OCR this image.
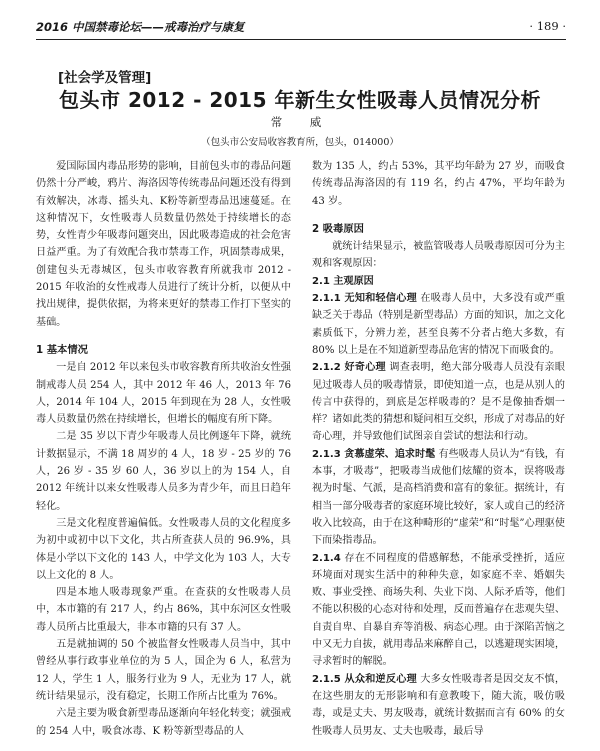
2016 中国禁毒论坛——戒毒治疗与康复	· 189 ·
[社会学及管理]
包头市 2012 - 2015 年新生女性吸毒人员情况分析
常　威
（包头市公安局收容教育所，包头，014000）

爱国际国内毒品形势的影响，目前包头市的毒品问题仍然十分严峻，鸦片、海洛因等传统毒品问题还没有得到有效解决，冰毒、摇头丸、K粉等新型毒品迅速蔓延。在这种情况下，女性吸毒人员数量仍然处于持续增长的态势，女性青少年吸毒问题突出，因此吸毒造成的社会危害日益严重。为了有效配合我市禁毒工作，巩固禁毒成果，创建包头无毒城区，包头市收容教育所就我市 2012 - 2015 年收治的女性戒毒人员进行了统计分析，以便从中找出规律，提供依据，为将来更好的禁毒工作打下坚实的基础。

1 基本情况

一是自 2012 年以来包头市收容教育所共收治女性强制戒毒人员 254 人，其中 2012 年 46 人，2013 年 76 人，2014 年 104 人，2015 年到现在为 28 人，女性吸毒人员数量仍然在持续增长，但增长的幅度有所下降。

二是 35 岁以下青少年吸毒人员比例逐年下降，就统计数据显示，不满 18 周岁的 4 人，18 岁 - 25 岁的 76 人，26 岁 - 35 岁 60 人，36 岁以上的为 154 人，自 2012 年统计以来女性吸毒人员多为青少年，而且日趋年轻化。

三是文化程度普遍偏低。女性吸毒人员的文化程度多为初中或初中以下文化，共占所查获人员的 96.9%，具体是小学以下文化的 143 人，中学文化为 103 人，大专以上文化的 8 人。

四是本地人吸毒现象严重。在查获的女性吸毒人员中，本市籍的有 217 人，约占 86%，其中东河区女性吸毒人员所占比重最大，非本市籍的只有 37 人。

五是就抽调的 50 个被监督女性吸毒人员当中，其中曾经从事行政事业单位的为 5 人，国企为 6 人，私营为 12 人，学生 1 人，服务行业为 9 人，无业为 17 人，就统计结果显示，没有稳定，长期工作所占比重为 76%。

六是主要为吸食新型毒品逐渐向年轻化转变；就强戒的 254 人中，吸食冰毒、K 粉等新型毒品的人

数为 135 人，约占 53%，其平均年龄为 27 岁，而吸食传统毒品海洛因的有 119 名，约占 47%，平均年龄为 43 岁。

2 吸毒原因

就统计结果显示，被监管吸毒人员吸毒原因可分为主观和客观原因：

2.1 主观原因

2.1.1 无知和轻信心理 在吸毒人员中，大多没有或严重缺乏关于毒品（特别是新型毒品）方面的知识，加之文化素质低下，分辨力差，甚至良莠不分者占绝大多数，有 80% 以上是在不知道新型毒品危害的情况下而吸食的。

2.1.2 好奇心理 调查表明，绝大部分吸毒人员没有亲眼见过吸毒人员的吸毒情景，即使知道一点，也是从别人的传言中获得的，到底是怎样吸毒的？是不是像抽香烟一样？诸如此类的猜想和疑问相互交织，形成了对毒品的好奇心理，并导致他们试图亲自尝试的想法和行动。

2.1.3 贪慕虚荣、追求时髦 有些吸毒人员认为“有钱，有本事，才吸毒”，把吸毒当成他们炫耀的资本，误将吸毒视为时髦、气派，是高档消费和富有的象征。据统计，有相当一部分吸毒者的家庭环境比较好，家人或自己的经济收入比较高，由于在这种畸形的“虚荣”和“时髦”心理驱使下而染指毒品。

2.1.4 存在不同程度的借感解愁，不能承受挫折，适应环境面对现实生活中的种种失意，如家庭不幸、婚姻失败、事业受挫、商场失利、失业下岗、人际矛盾等，他们不能以积极的心态对待和处理，反而普遍存在悲观失望、自责自卑、自暴自弃等消极、病态心理。由于深陷苦恼之中又无力自拔，就用毒品来麻醉自己，以逃避现实困境，寻求暂时的解脱。

2.1.5 从众和逆反心理 大多女性吸毒者是因交友不慎，在这些朋友的无形影响和有意教唆下，随大流，吸仿吸毒，或是丈夫、男友吸毒，就统计数据而言有 60% 的女性吸毒人员男友、丈夫也吸毒，最后导
